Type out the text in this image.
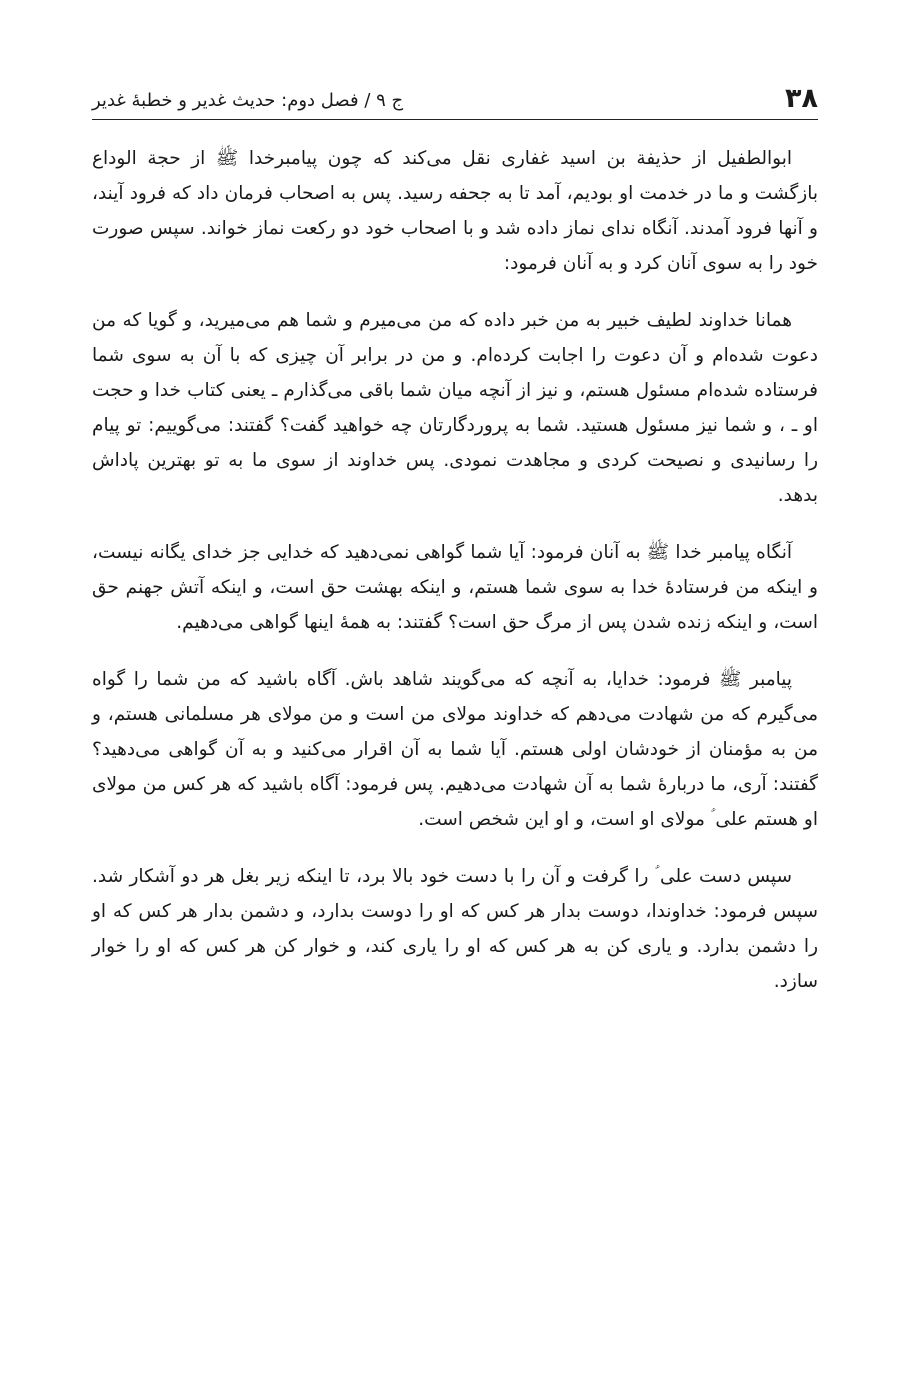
۳۸
ج ۹ / فصل دوم: حدیث غدیر و خطبهٔ غدیر

ابوالطفیل از حذیفة بن اسید غفاری نقل می‌کند که چون پیامبرخدا ﷺ از حجة الوداع بازگشت و ما در خدمت او بودیم، آمد تا به جحفه رسید. پس به اصحاب فرمان داد که فرود آیند، و آنها فرود آمدند. آنگاه ندای نماز داده شد و با اصحاب خود دو رکعت نماز خواند. سپس صورت خود را به سوی آنان کرد و به آنان فرمود:

همانا خداوند لطیف خبیر به من خبر داده که من می‌میرم و شما هم می‌میرید، و گویا که من دعوت شده‌ام و آن دعوت را اجابت کرده‌ام. و من در برابر آن چیزی که با آن به سوی شما فرستاده شده‌ام مسئول هستم، و نیز از آنچه میان شما باقی می‌گذارم ـ یعنی کتاب خدا و حجت او ـ ، و شما نیز مسئول هستید. شما به پروردگارتان چه خواهید گفت؟ گفتند: می‌گوییم: تو پیام را رسانیدی و نصیحت کردی و مجاهدت نمودی. پس خداوند از سوی ما به تو بهترین پاداش بدهد.

آنگاه پیامبر خدا ﷺ به آنان فرمود: آیا شما گواهی نمی‌دهید که خدایی جز خدای یگانه نیست، و اینکه من فرستادهٔ خدا به سوی شما هستم، و اینکه بهشت حق است، و اینکه آتش جهنم حق است، و اینکه زنده شدن پس از مرگ حق است؟ گفتند: به همهٔ اینها گواهی می‌دهیم.

پیامبر ﷺ فرمود: خدایا، به آنچه که می‌گویند شاهد باش. آگاه باشید که من شما را گواه می‌گیرم که من شهادت می‌دهم که خداوند مولای من است و من مولای هر مسلمانی هستم، و من به مؤمنان از خودشان اولی هستم. آیا شما به آن اقرار می‌کنید و به آن گواهی می‌دهید؟ گفتند: آری، ما دربارهٔ شما به آن شهادت می‌دهیم. پس فرمود: آگاه باشید که هر کس من مولای او هستم علی ؑ مولای او است، و او این شخص است.

سپس دست علی ؑ را گرفت و آن را با دست خود بالا برد، تا اینکه زیر بغل هر دو آشکار شد. سپس فرمود: خداوندا، دوست بدار هر کس که او را دوست بدارد، و دشمن بدار هر کس که او را دشمن بدارد. و یاری کن به هر کس که او را یاری کند، و خوار کن هر کس که او را خوار سازد.
